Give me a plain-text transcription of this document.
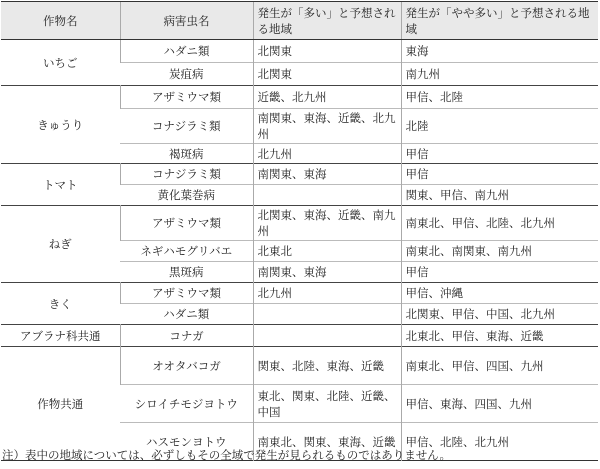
作物名	病害虫名	発生が「多い」と予想される地域	発生が「やや多い」と予想される地域
いちご	ハダニ類	北関東	東海
	炭疽病	北関東	南九州
きゅうり	アザミウマ類	近畿、北九州	甲信、北陸
	コナジラミ類	南関東、東海、近畿、北九州	北陸
	褐斑病	北九州	甲信
トマト	コナジラミ類	南関東、東海	甲信
	黄化葉巻病		関東、甲信、南九州
ねぎ	アザミウマ類	北関東、東海、近畿、南九州	南東北、甲信、北陸、北九州
	ネギハモグリバエ	北東北	南東北、南関東、南九州
	黒斑病	南関東、東海	甲信
きく	アザミウマ類	北九州	甲信、沖縄
	ハダニ類		北関東、甲信、中国、北九州
アブラナ科共通	コナガ		北東北、甲信、東海、近畿
作物共通	オオタバコガ	関東、北陸、東海、近畿	南東北、甲信、四国、九州
	シロイチモジヨトウ	東北、関東、北陸、近畿、中国	甲信、東海、四国、九州
	ハスモンヨトウ	南東北、関東、東海、近畿	甲信、北陸、北九州
注）表中の地域については、必ずしもその全域で発生が見られるものではありません。
